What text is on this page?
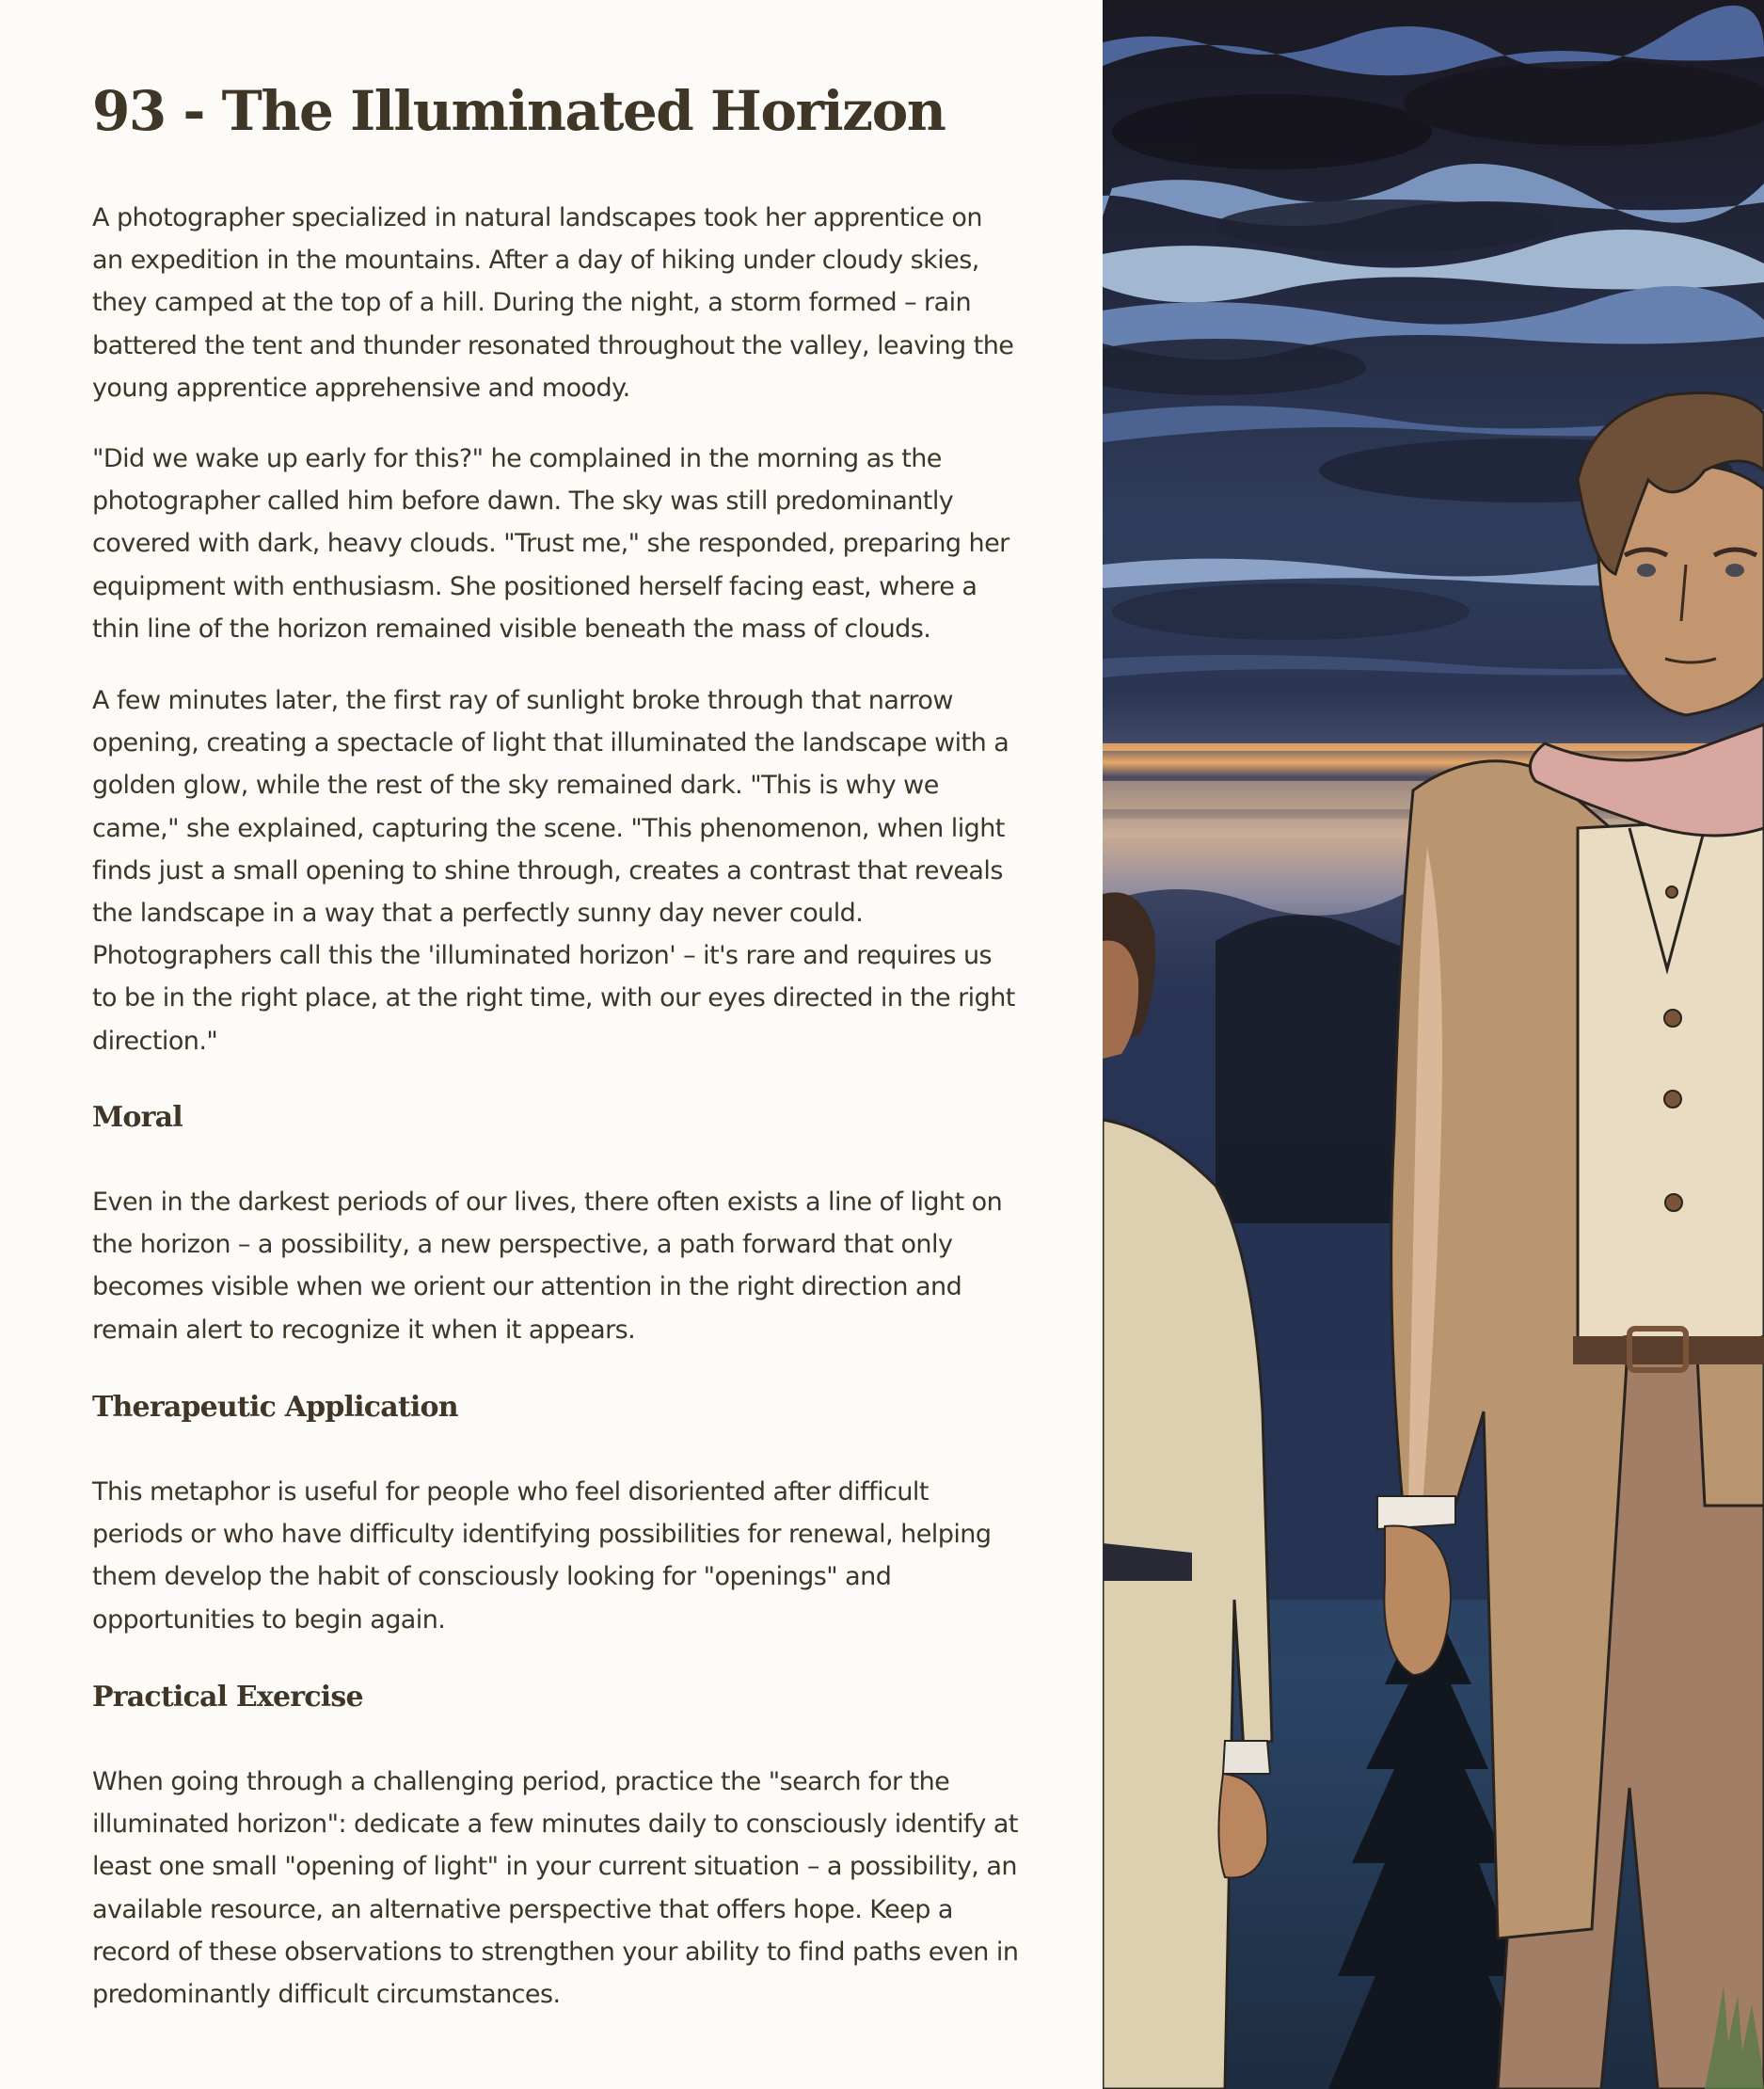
93 - The Illuminated Horizon

A photographer specialized in natural landscapes took her apprentice on an expedition in the mountains. After a day of hiking under cloudy skies, they camped at the top of a hill. During the night, a storm formed – rain battered the tent and thunder resonated throughout the valley, leaving the young apprentice apprehensive and moody.

"Did we wake up early for this?" he complained in the morning as the photographer called him before dawn. The sky was still predominantly covered with dark, heavy clouds. "Trust me," she responded, preparing her equipment with enthusiasm. She positioned herself facing east, where a thin line of the horizon remained visible beneath the mass of clouds.

A few minutes later, the first ray of sunlight broke through that narrow opening, creating a spectacle of light that illuminated the landscape with a golden glow, while the rest of the sky remained dark. "This is why we came," she explained, capturing the scene. "This phenomenon, when light finds just a small opening to shine through, creates a contrast that reveals the landscape in a way that a perfectly sunny day never could. Photographers call this the 'illuminated horizon' – it's rare and requires us to be in the right place, at the right time, with our eyes directed in the right direction."

Moral

Even in the darkest periods of our lives, there often exists a line of light on the horizon – a possibility, a new perspective, a path forward that only becomes visible when we orient our attention in the right direction and remain alert to recognize it when it appears.

Therapeutic Application

This metaphor is useful for people who feel disoriented after difficult periods or who have difficulty identifying possibilities for renewal, helping them develop the habit of consciously looking for "openings" and opportunities to begin again.

Practical Exercise

When going through a challenging period, practice the "search for the illuminated horizon": dedicate a few minutes daily to consciously identify at least one small "opening of light" in your current situation – a possibility, an available resource, an alternative perspective that offers hope. Keep a record of these observations to strengthen your ability to find paths even in predominantly difficult circumstances.
